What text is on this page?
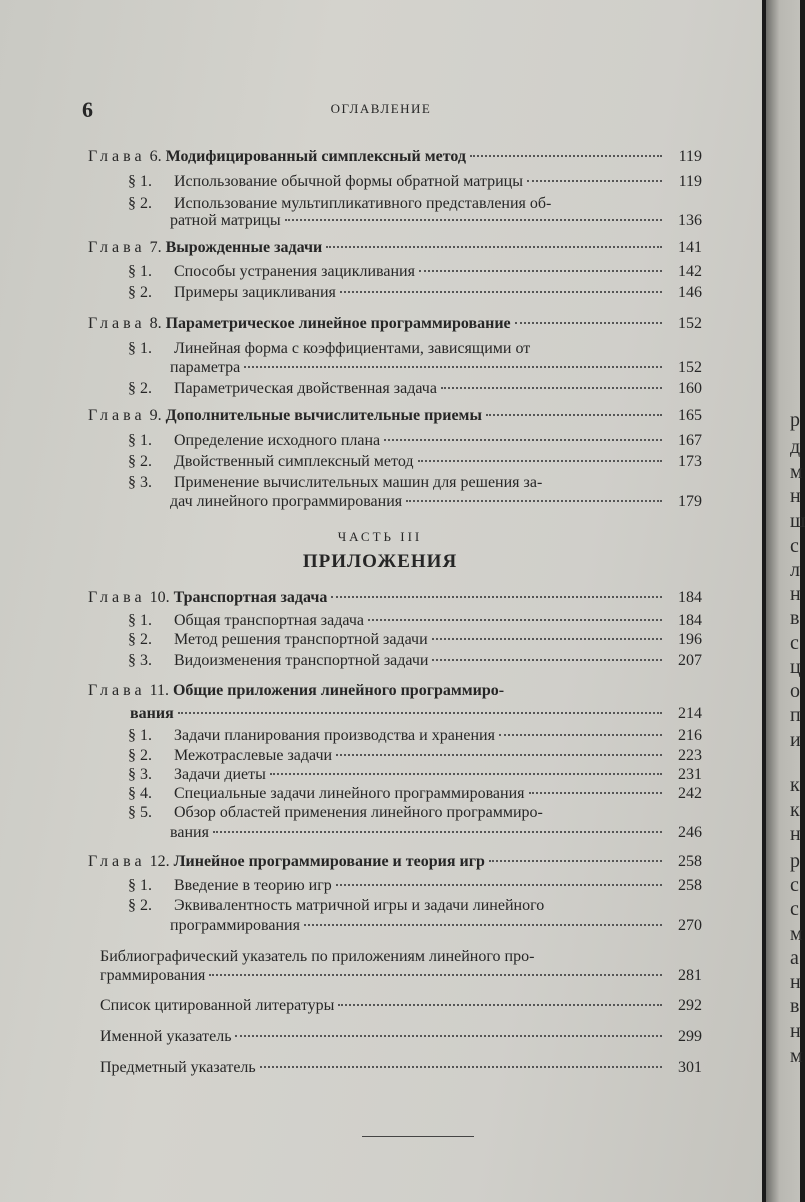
6	ОГЛАВЛЕНИЕ
Глава 6. Модифицированный симплексный метод	119
§ 1.	Использование обычной формы обратной матрицы	119
§ 2. Использование мультипликативного представления об-
ратной матрицы	136
Глава 7. Вырожденные задачи	141
§ 1.	Способы устранения зацикливания	142
§ 2.	Примеры зацикливания	146
Глава 8. Параметрическое линейное программирование	152
§ 1. Линейная форма с коэффициентами, зависящими от
параметра	152
§ 2.	Параметрическая двойственная задача	160
Глава 9. Дополнительные вычислительные приемы	165
§ 1.	Определение исходного плана	167
§ 2.	Двойственный симплексный метод	173
§ 3. Применение вычислительных машин для решения за-
дач линейного программирования	179
ЧАСТЬ III
ПРИЛОЖЕНИЯ
Глава 10. Транспортная задача	184
§ 1.	Общая транспортная задача	184
§ 2.	Метод решения транспортной задачи	196
§ 3.	Видоизменения транспортной задачи	207
Глава 11. Общие приложения линейного программиро-
вания	214
§ 1.	Задачи планирования производства и хранения	216
§ 2.	Межотраслевые задачи	223
§ 3.	Задачи диеты	231
§ 4.	Специальные задачи линейного программирования	242
§ 5. Обзор областей применения линейного программиро-
вания	246
Глава 12. Линейное программирование и теория игр	258
§ 1.	Введение в теорию игр	258
§ 2. Эквивалентность матричной игры и задачи линейного
программирования	270
Библиографический указатель по приложениям линейного про-
граммирования	281
Список цитированной литературы	292
Именной указатель	299
Предметный указатель	301
р
д
м
н
ш
с
л
н
в
с
ц
о
п
и
к
к
н
р
с
с
м
а
н
в
н
м
